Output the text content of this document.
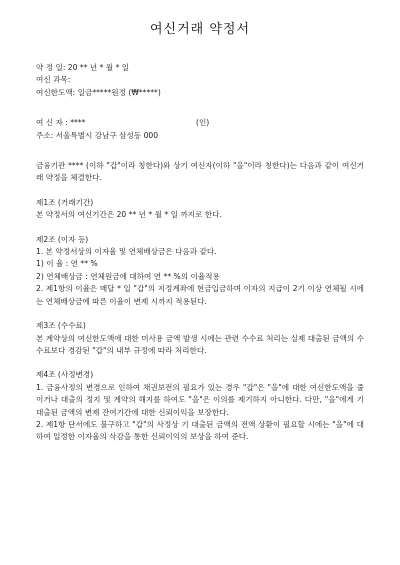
여신거래 약정서
약 정 일: 20 ** 년 * 월 * 일
여신 과목:
여신한도액: 일금*****원정 (₩*****)
여 신 자 : ****	(인)
주소: 서울특별시 강남구 삼성동 000
금융기관 **** (이하 "갑"이라 칭한다)와 상기 여신자(이하 "을"이라 칭한다)는 다음과 같이 여신거래 약정을 체결한다.
제1조 (거래기간)
본 약정서의 여신기간은 20 ** 년 * 월 * 일 까지로 한다.
제2조 (이자 등)
1. 본 약정서상의 이자율 및 연체배상금은 다음과 같다.
1) 이 율 : 연 ** %
2) 연체배상금 : 연체원금에 대하여 연 ** %의 이율적용
2. 제1항의 이율은 매달 * 일 "갑"의 지정계좌에 현금입금하며 이자의 지급이 2기 이상 연체될 시에는 연체배상금에 따른 이율이 변제 시까지 적용된다.
제3조 (수수료)
본 계약상의 여신한도액에 대한 미사용 금액 발생 시에는 관련 수수료 처리는 실제 대출된 금액의 수수료보다 경감된 "갑"의 내부 규정에 따라 처리한다.
제4조 (사정변경)
1. 금융사정의 변경으로 인하여 채권보전의 필요가 있는 경우 "갑"은 "을"에 대한 여신한도액을 줄이거나 대출의 정지 및 계약의 해지를 하여도 "을"은 이의를 제기하지 아니한다. 다만, "을"에게 기 대출된 금액의 변제 잔여기간에 대한 신뢰이익을 보장한다.
2. 제1항 단서에도 불구하고 "갑"의 사정상 기 대출된 금액의 전액 상환이 필요할 시에는 "을"에 대하여 일정한 이자율의 삭감을 통한 신뢰이익의 보상을 하여 준다.
